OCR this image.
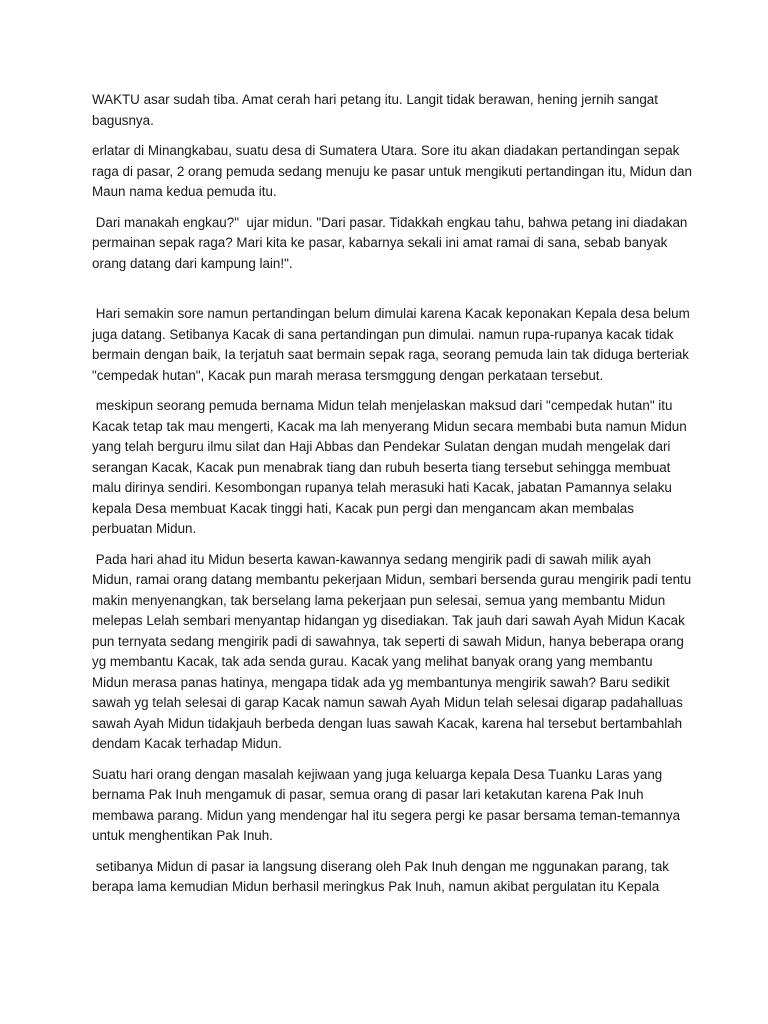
WAKTU asar sudah tiba. Amat cerah hari petang itu. Langit tidak berawan, hening jernih sangat bagusnya.

erlatar di Minangkabau, suatu desa di Sumatera Utara. Sore itu akan diadakan pertandingan sepak raga di pasar, 2 orang pemuda sedang menuju ke pasar untuk mengikuti pertandingan itu, Midun dan Maun nama kedua pemuda itu.

Dari manakah engkau?"  ujar midun. "Dari pasar. Tidakkah engkau tahu, bahwa petang ini diadakan permainan sepak raga? Mari kita ke pasar, kabarnya sekali ini amat ramai di sana, sebab banyak orang datang dari kampung lain!".

Hari semakin sore namun pertandingan belum dimulai karena Kacak keponakan Kepala desa belum juga datang. Setibanya Kacak di sana pertandingan pun dimulai. namun rupa-rupanya kacak tidak bermain dengan baik, Ia terjatuh saat bermain sepak raga, seorang pemuda lain tak diduga berteriak "cempedak hutan", Kacak pun marah merasa tersmggung dengan perkataan tersebut.

meskipun seorang pemuda bernama Midun telah menjelaskan maksud dari "cempedak hutan" itu Kacak tetap tak mau mengerti, Kacak ma lah menyerang Midun secara membabi buta namun Midun yang telah berguru ilmu silat dan Haji Abbas dan Pendekar Sulatan dengan mudah mengelak dari serangan Kacak, Kacak pun menabrak tiang dan rubuh beserta tiang tersebut sehingga membuat malu dirinya sendiri. Kesombongan rupanya telah merasuki hati Kacak, jabatan Pamannya selaku kepala Desa membuat Kacak tinggi hati, Kacak pun pergi dan mengancam akan membalas perbuatan Midun.

Pada hari ahad itu Midun beserta kawan-kawannya sedang mengirik padi di sawah milik ayah Midun, ramai orang datang membantu pekerjaan Midun, sembari bersenda gurau mengirik padi tentu makin menyenangkan, tak berselang lama pekerjaan pun selesai, semua yang membantu Midun melepas Lelah sembari menyantap hidangan yg disediakan. Tak jauh dari sawah Ayah Midun Kacak pun ternyata sedang mengirik padi di sawahnya, tak seperti di sawah Midun, hanya beberapa orang yg membantu Kacak, tak ada senda gurau. Kacak yang melihat banyak orang yang membantu Midun merasa panas hatinya, mengapa tidak ada yg membantunya mengirik sawah? Baru sedikit sawah yg telah selesai di garap Kacak namun sawah Ayah Midun telah selesai digarap padahalluas sawah Ayah Midun tidakjauh berbeda dengan luas sawah Kacak, karena hal tersebut bertambahlah dendam Kacak terhadap Midun.

Suatu hari orang dengan masalah kejiwaan yang juga keluarga kepala Desa Tuanku Laras yang bernama Pak Inuh mengamuk di pasar, semua orang di pasar lari ketakutan karena Pak Inuh membawa parang. Midun yang mendengar hal itu segera pergi ke pasar bersama teman-temannya untuk menghentikan Pak Inuh.

setibanya Midun di pasar ia langsung diserang oleh Pak Inuh dengan me nggunakan parang, tak berapa lama kemudian Midun berhasil meringkus Pak Inuh, namun akibat pergulatan itu Kepala
